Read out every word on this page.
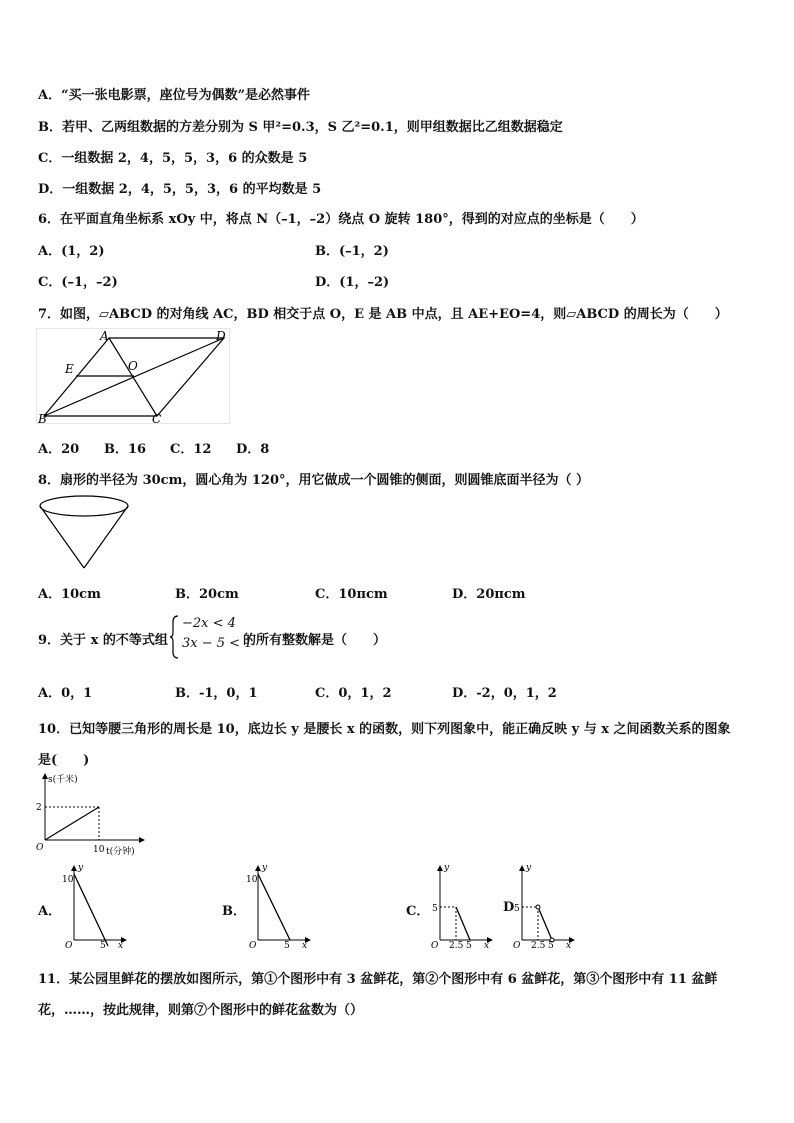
A．“买一张电影票，座位号为偶数”是必然事件
B．若甲、乙两组数据的方差分别为 S 甲²=0.3，S 乙²=0.1，则甲组数据比乙组数据稳定
C．一组数据 2，4，5，5，3，6 的众数是 5
D．一组数据 2，4，5，5，3，6 的平均数是 5
6．在平面直角坐标系 xOy 中，将点 N（–1，–2）绕点 O 旋转 180°，得到的对应点的坐标是（　　）
A．(1，2)	B．(–1，2)
C．(–1，–2)	D．(1，–2)
7．如图，▱ABCD 的对角线 AC，BD 相交于点 O，E 是 AB 中点，且 AE+EO=4，则▱ABCD 的周长为（　　）
A	D
E	O
B	C
A．20 B．16 C．12 D．8
8．扇形的半径为 30cm，圆心角为 120°，用它做成一个圆锥的侧面，则圆锥底面半径为（ ）
A．10cm	B．20cm	C．10πcm	D．20πcm
9．关于 x 的不等式组
−2x < 4
3x − 5 < 1
的所有整数解是（　　）
A．0，1	B．-1，0，1	C．0，1，2	D．-2，0，1，2
10．已知等腰三角形的周长是 10，底边长 y 是腰长 x 的函数，则下列图象中，能正确反映 y 与 x 之间函数关系的图象
是(　　)
s(千米)
2
O	10 t(分钟)
A．
y
x
O
10
5
B．
y
x
O
10
5
C．
y
x
O
5
2.5 5
D
y
x
O
5
2.5 5
11．某公园里鲜花的摆放如图所示，第①个图形中有 3 盆鲜花，第②个图形中有 6 盆鲜花，第③个图形中有 11 盆鲜
花，……，按此规律，则第⑦个图形中的鲜花盆数为（）
